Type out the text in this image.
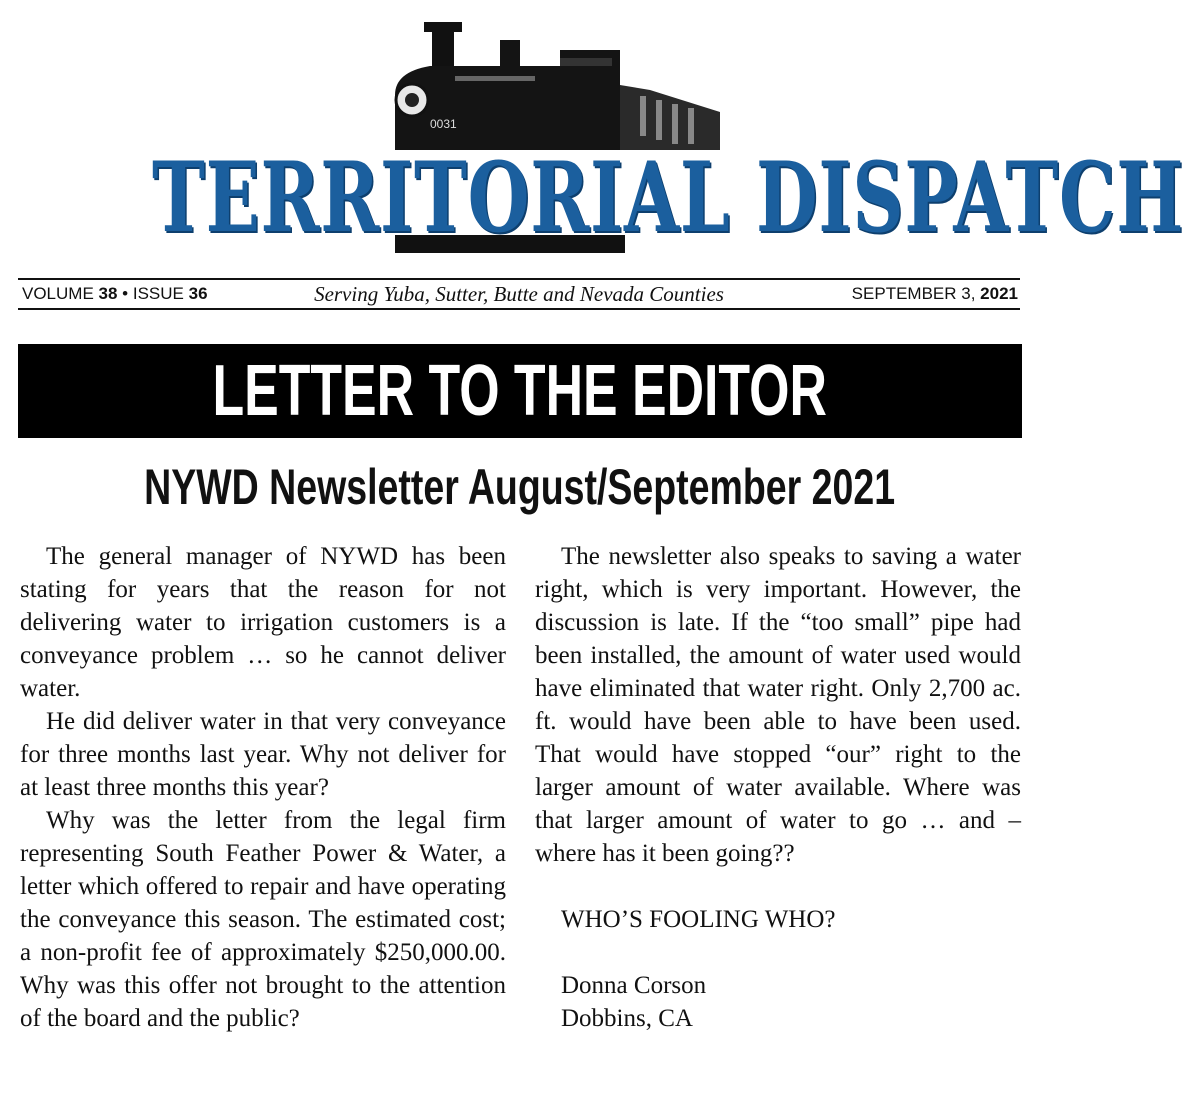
0031
TERRITORIAL DISPATCH
VOLUME 38 • ISSUE 36	Serving Yuba, Sutter, Butte and Nevada Counties	SEPTEMBER 3, 2021
LETTER TO THE EDITOR
NYWD Newsletter August/September 2021

The general manager of NYWD has been stating for years that the reason for not delivering water to irrigation customers is a conveyance problem … so he cannot deliver water.

He did deliver water in that very conveyance for three months last year. Why not deliver for at least three months this year?

Why was the letter from the legal firm representing South Feather Power & Water, a letter which offered to repair and have operating the conveyance this season. The estimated cost; a non-profit fee of approximately $250,000.00. Why was this offer not brought to the attention of the board and the public?

The newsletter also speaks to saving a water right, which is very important. However, the discussion is late. If the “too small” pipe had been installed, the amount of water used would have eliminated that water right. Only 2,700 ac. ft. would have been able to have been used. That would have stopped “our” right to the larger amount of water available. Where was that larger amount of water to go … and – where has it been going??

WHO’S FOOLING WHO?

Donna Corson

Dobbins, CA
